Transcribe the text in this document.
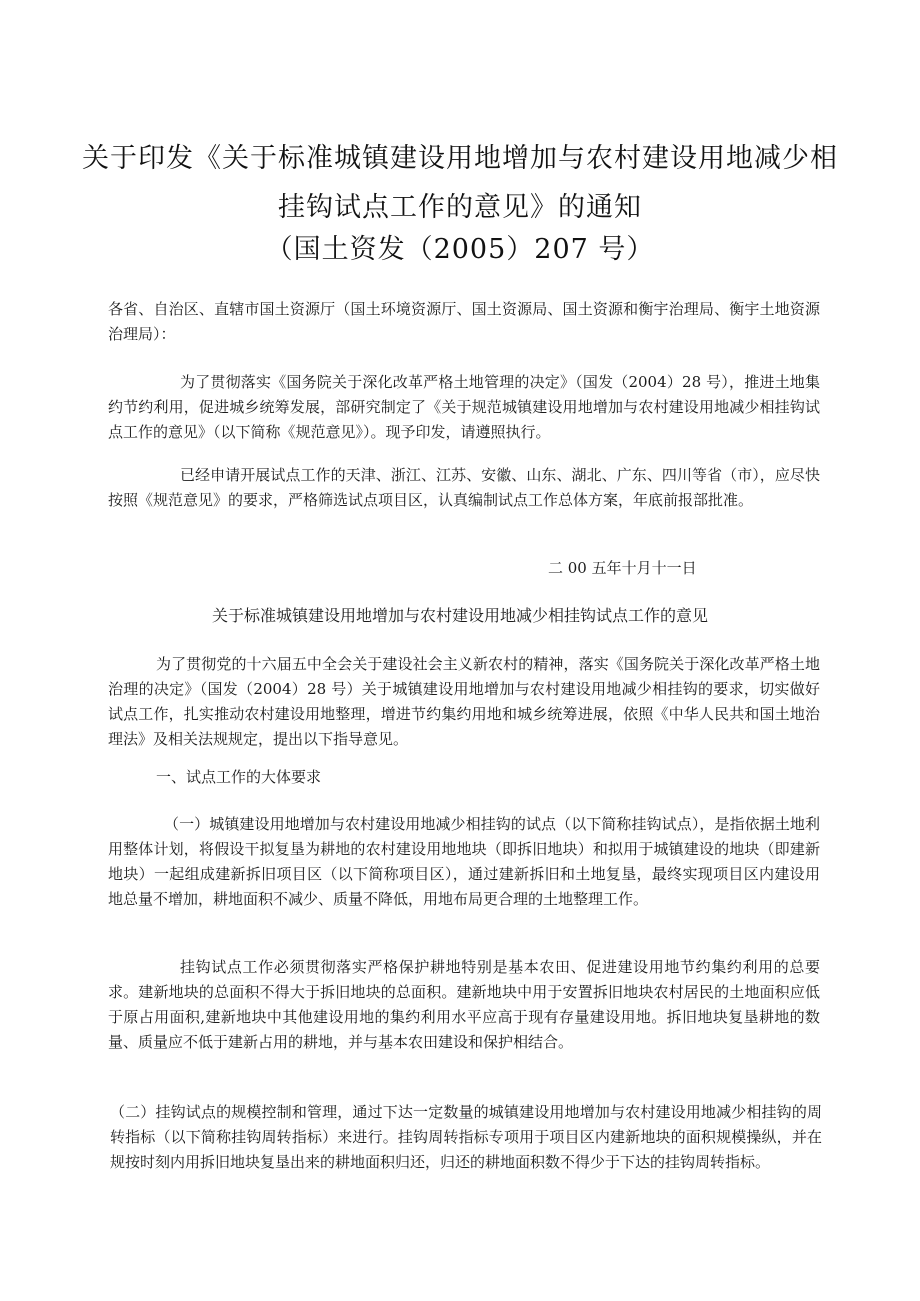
关于印发《关于标准城镇建设用地增加与农村建设用地减少相
挂钩试点工作的意见》的通知
（国土资发（2005）207 号）

各省、自治区、直辖市国土资源厅（国土环境资源厅、国土资源局、国土资源和衡宇治理局、衡宇土地资源治理局）：

为了贯彻落实《国务院关于深化改革严格土地管理的决定》（国发（2004）28 号），推进土地集约节约利用，促进城乡统筹发展，部研究制定了《关于规范城镇建设用地增加与农村建设用地减少相挂钩试点工作的意见》（以下简称《规范意见》）。现予印发，请遵照执行。

已经申请开展试点工作的天津、浙江、江苏、安徽、山东、湖北、广东、四川等省（市），应尽快按照《规范意见》的要求，严格筛选试点项目区，认真编制试点工作总体方案，年底前报部批准。

二 00 五年十月十一日
关于标准城镇建设用地增加与农村建设用地减少相挂钩试点工作的意见

为了贯彻党的十六届五中全会关于建设社会主义新农村的精神，落实《国务院关于深化改革严格土地治理的决定》（国发（2004）28 号）关于城镇建设用地增加与农村建设用地减少相挂钩的要求，切实做好试点工作，扎实推动农村建设用地整理，增进节约集约用地和城乡统筹进展，依照《中华人民共和国土地治理法》及相关法规规定，提出以下指导意见。

一、试点工作的大体要求

（一）城镇建设用地增加与农村建设用地减少相挂钩的试点（以下简称挂钩试点），是指依据土地利用整体计划，将假设干拟复垦为耕地的农村建设用地地块（即拆旧地块）和拟用于城镇建设的地块（即建新地块）一起组成建新拆旧项目区（以下简称项目区），通过建新拆旧和土地复垦，最终实现项目区内建设用地总量不增加，耕地面积不减少、质量不降低，用地布局更合理的土地整理工作。

挂钩试点工作必须贯彻落实严格保护耕地特别是基本农田、促进建设用地节约集约利用的总要求。建新地块的总面积不得大于拆旧地块的总面积。建新地块中用于安置拆旧地块农村居民的土地面积应低于原占用面积,建新地块中其他建设用地的集约利用水平应高于现有存量建设用地。拆旧地块复垦耕地的数量、质量应不低于建新占用的耕地，并与基本农田建设和保护相结合。

（二）挂钩试点的规模控制和管理，通过下达一定数量的城镇建设用地增加与农村建设用地减少相挂钩的周转指标（以下简称挂钩周转指标）来进行。挂钩周转指标专项用于项目区内建新地块的面积规模操纵，并在规按时刻内用拆旧地块复垦出来的耕地面积归还，归还的耕地面积数不得少于下达的挂钩周转指标。
